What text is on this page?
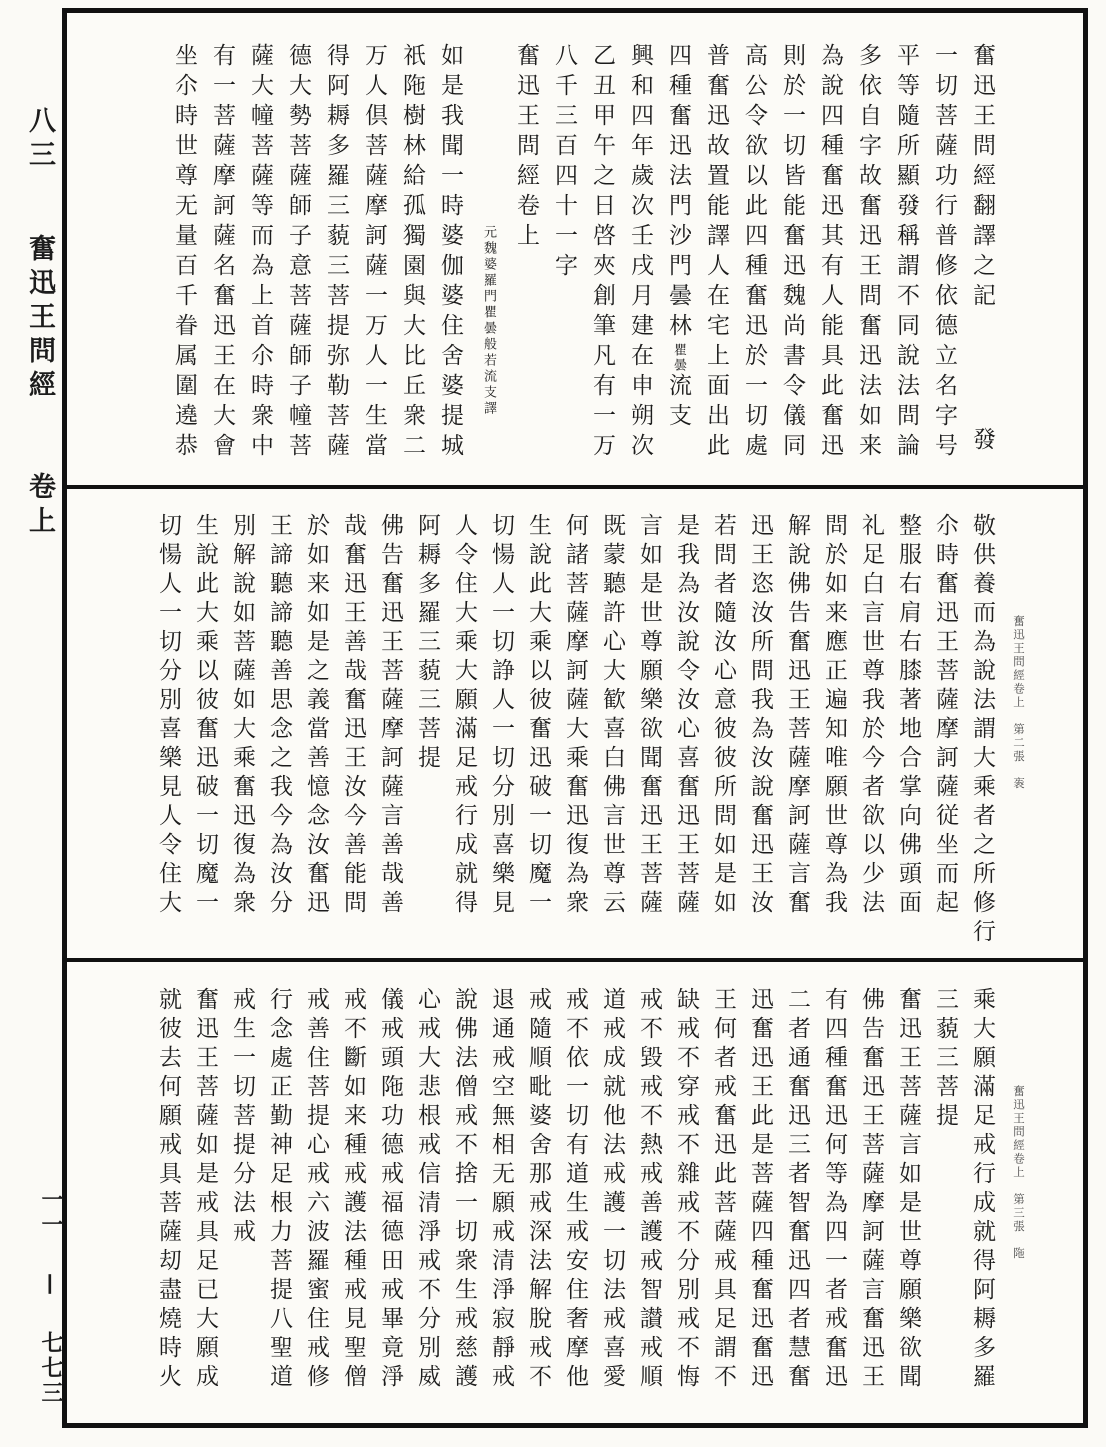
八三 奮迅王問經 卷上
奮迅王問經翻譯之記
發
一切菩薩功行普修依德立名字号
平等隨所顯發稱謂不同說法問論
多依自字故奮迅王問奮迅法如来
為說四種奮迅其有人能具此奮迅
則於一切皆能奮迅魏尚書令儀同
高公令欲以此四種奮迅於一切處
普奮迅故置能譯人在宅上面出此
四種奮迅法門沙門曇林瞿曇流支
興和四年歲次壬戌月建在申朔次
乙丑甲午之日啓夾創筆凡有一万
八千三百四十一字
奮迅王問經卷上
元魏婆羅門瞿曇般若流支譯
如是我聞一時婆伽婆住舍婆提城
祇陁樹林給孤獨園與大比丘衆二
万人倶菩薩摩訶薩一万人一生當
得阿耨多羅三藐三菩提弥勒菩薩
德大勢菩薩師子意菩薩師子幢菩
薩大幢菩薩等而為上首尒時衆中
有一菩薩摩訶薩名奮迅王在大會
坐尒時世尊无量百千眷属圍遶恭
敬供養而為說法謂大乘者之所修行
尒時奮迅王菩薩摩訶薩従坐而起
整服右肩右膝著地合掌向佛頭面
礼足白言世尊我於今者欲以少法
問於如来應正遍知唯願世尊為我
解說佛告奮迅王菩薩摩訶薩言奮
迅王恣汝所問我為汝說奮迅王汝
若問者隨汝心意彼彼所問如是如
是我為汝說令汝心喜奮迅王菩薩
言如是世尊願樂欲聞奮迅王菩薩
既蒙聽許心大歓喜白佛言世尊云
何諸菩薩摩訶薩大乘奮迅復為衆
生說此大乘以彼奮迅破一切魔一
切愓人一切諍人一切分別喜樂見
人令住大乘大願滿足戒行成就得
阿耨多羅三藐三菩提
佛告奮迅王菩薩摩訶薩言善哉善
哉奮迅王善哉奮迅王汝今善能問
於如来如是之義當善憶念汝奮迅
王諦聽諦聽善思念之我今為汝分
別解說如菩薩如大乘奮迅復為衆
生說此大乘以彼奮迅破一切魔一
切愓人一切分別喜樂見人令住大
乘大願滿足戒行成就得阿耨多羅
三藐三菩提
奮迅王菩薩言如是世尊願樂欲聞
佛告奮迅王菩薩摩訶薩言奮迅王
有四種奮迅何等為四一者戒奮迅
二者通奮迅三者智奮迅四者慧奮
迅奮迅王此是菩薩四種奮迅奮迅
王何者戒奮迅此菩薩戒具足謂不
缺戒不穿戒不雜戒不分別戒不悔
戒不毀戒不熱戒善護戒智讃戒順
道戒成就他法戒護一切法戒喜愛
戒不依一切有道生戒安住奢摩他
戒隨順毗婆舍那戒深法解脫戒不
退通戒空無相无願戒清淨寂靜戒
說佛法僧戒不捨一切衆生戒慈護
心戒大悲根戒信清淨戒不分別威
儀戒頭陁功德戒福德田戒畢竟淨
戒不斷如来種戒護法種戒見聖僧
戒善住菩提心戒六波羅蜜住戒修
行念處正勤神足根力菩提八聖道
戒生一切菩提分法戒
奮迅王菩薩如是戒具足已大願成
就彼去何願戒具菩薩刧盡燒時火
奮迅王問經卷上　第二張　袠
奮迅王問經卷上　第三張　陁
一一 — 七七三
